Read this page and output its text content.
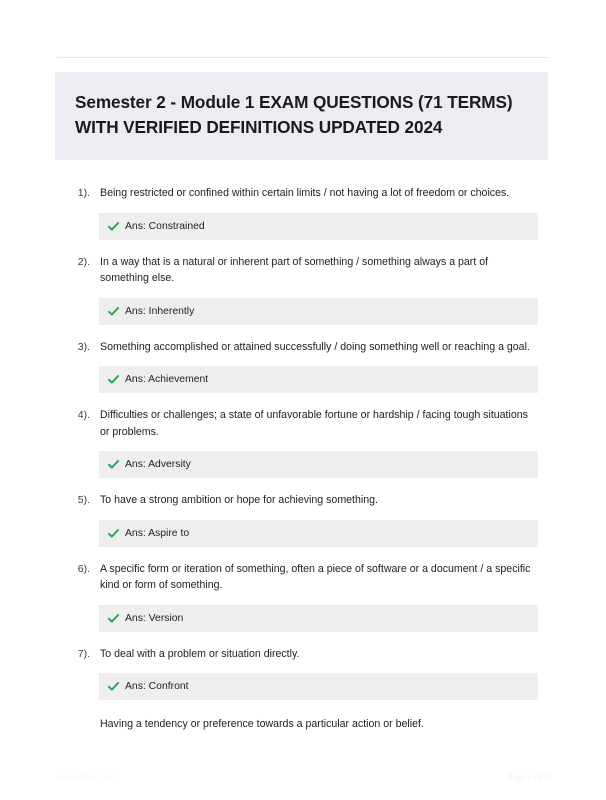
Semester 2 - Module 1 EXAM QUESTIONS (71 TERMS) WITH VERIFIED DEFINITIONS UPDATED 2024
1). Being restricted or confined within certain limits / not having a lot of freedom or choices.

Ans: Constrained
2). In a way that is a natural or inherent part of something / something always a part of something else.

Ans: Inherently
3). Something accomplished or attained successfully / doing something well or reaching a goal.

Ans: Achievement
4). Difficulties or challenges; a state of unfavorable fortune or hardship / facing tough situations or problems.

Ans: Adversity
5). To have a strong ambition or hope for achieving something.

Ans: Aspire to
6). A specific form or iteration of something, often a piece of software or a document / a specific kind or form of something.

Ans: Version
7). To deal with a problem or situation directly.

Ans: Confront

Having a tendency or preference towards a particular action or belief.

PaperStitic.com	Page 1 of 9
